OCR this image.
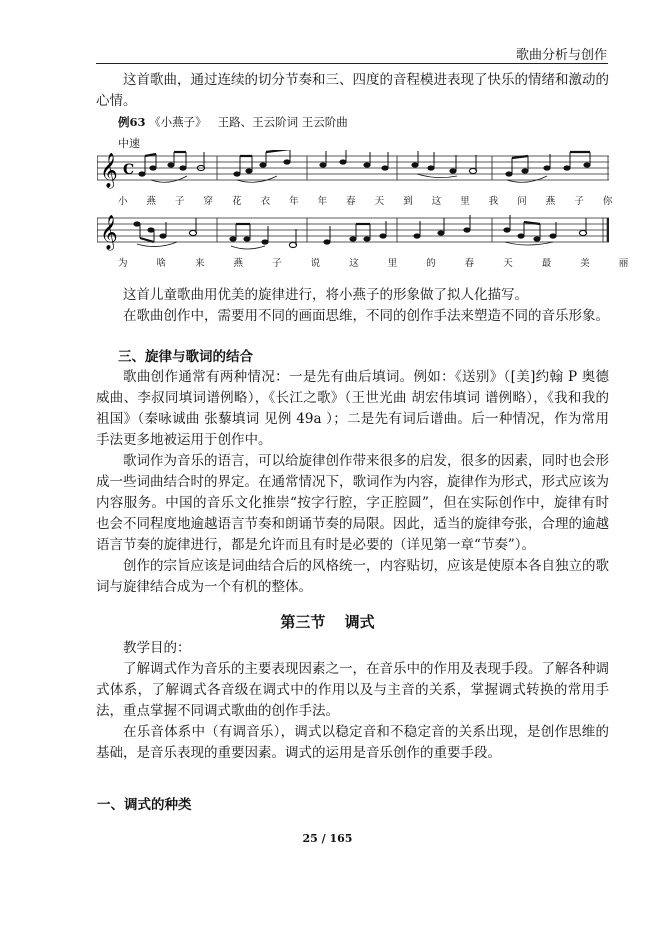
歌曲分析与创作
这首歌曲，通过连续的切分节奏和三、四度的音程模进表现了快乐的情绪和激动的心情。
例63 《小燕子》 王路、王云阶词 王云阶曲
中速
𝄞 C
小 燕 子 穿 花 衣 年 年 春 天 到 这 里 我 问 燕 子 你
𝄞
为 啥 来 燕 子 说 这 里 的 春 天 最 美 丽
这首儿童歌曲用优美的旋律进行，将小燕子的形象做了拟人化描写。
在歌曲创作中，需要用不同的画面思维，不同的创作手法来塑造不同的音乐形象。
三、旋律与歌词的结合
歌曲创作通常有两种情况：一是先有曲后填词。例如：《送别》（[美]约翰 P 奥德威曲、李叔同填词谱例略），《长江之歌》（王世光曲 胡宏伟填词 谱例略），《我和我的祖国》（秦咏诚曲 张藜填词 见例 49a ）；二是先有词后谱曲。后一种情况，作为常用手法更多地被运用于创作中。
歌词作为音乐的语言，可以给旋律创作带来很多的启发，很多的因素，同时也会形成一些词曲结合时的界定。在通常情况下，歌词作为内容，旋律作为形式，形式应该为内容服务。中国的音乐文化推崇“按字行腔，字正腔圆”，但在实际创作中，旋律有时也会不同程度地逾越语言节奏和朗诵节奏的局限。因此，适当的旋律夸张，合理的逾越语言节奏的旋律进行，都是允许而且有时是必要的（详见第一章“节奏”）。
创作的宗旨应该是词曲结合后的风格统一，内容贴切，应该是使原本各自独立的歌词与旋律结合成为一个有机的整体。
第三节 调式
教学目的：
了解调式作为音乐的主要表现因素之一，在音乐中的作用及表现手段。了解各种调式体系，了解调式各音级在调式中的作用以及与主音的关系，掌握调式转换的常用手法，重点掌握不同调式歌曲的创作手法。
在乐音体系中（有调音乐），调式以稳定音和不稳定音的关系出现，是创作思维的基础，是音乐表现的重要因素。调式的运用是音乐创作的重要手段。
一、调式的种类
25 / 165
